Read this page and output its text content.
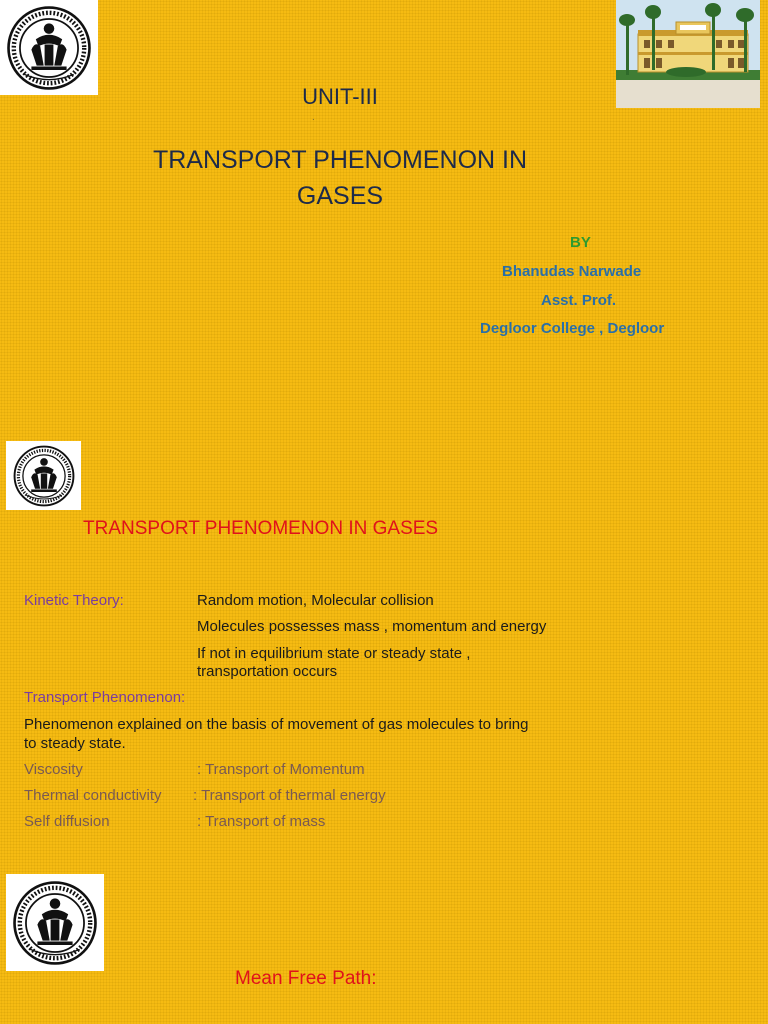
UNIT-III
.
TRANSPORT PHENOMENON IN
GASES
BY
Bhanudas Narwade
Asst. Prof.
Degloor College , Degloor
TRANSPORT PHENOMENON IN GASES
Kinetic Theory:	Random motion, Molecular collision
Molecules possesses mass , momentum and energy
If not in equilibrium state or steady state ,
transportation occurs
Transport Phenomenon:
Phenomenon explained on the basis of movement of gas molecules to bring
to steady state.
Viscosity	: Transport of Momentum
Thermal conductivity : Transport of thermal energy
Self diffusion	: Transport of mass
Mean Free Path:
